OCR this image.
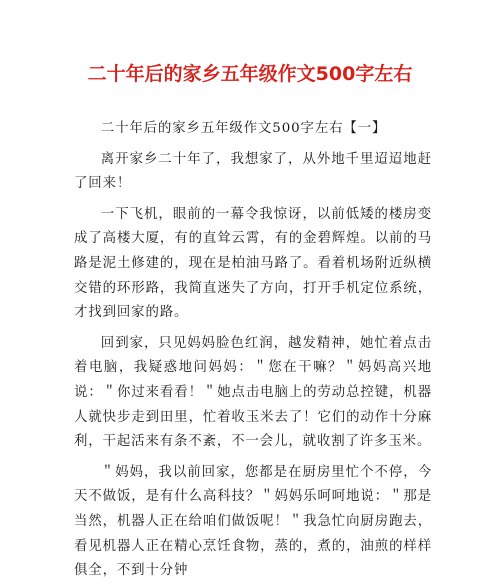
二十年后的家乡五年级作文500字左右

二十年后的家乡五年级作文500字左右【一】

离开家乡二十年了，我想家了，从外地千里迢迢地赶了回来！

一下飞机，眼前的一幕令我惊讶，以前低矮的楼房变成了高楼大厦，有的直耸云霄，有的金碧辉煌。以前的马路是泥土修建的，现在是柏油马路了。看着机场附近纵横交错的环形路，我简直迷失了方向，打开手机定位系统，才找到回家的路。

回到家，只见妈妈脸色红润，越发精神，她忙着点击着电脑，我疑惑地问妈妈：＂您在干嘛？＂妈妈高兴地说：＂你过来看看！＂她点击电脑上的劳动总控键，机器人就快步走到田里，忙着收玉米去了！它们的动作十分麻利，干起活来有条不紊，不一会儿，就收割了许多玉米。

＂妈妈，我以前回家，您都是在厨房里忙个不停，今天不做饭，是有什么高科技？＂妈妈乐呵呵地说：＂那是当然，机器人正在给咱们做饭呢！＂我急忙向厨房跑去，看见机器人正在精心烹饪食物，蒸的，煮的，油煎的样样俱全，不到十分钟
